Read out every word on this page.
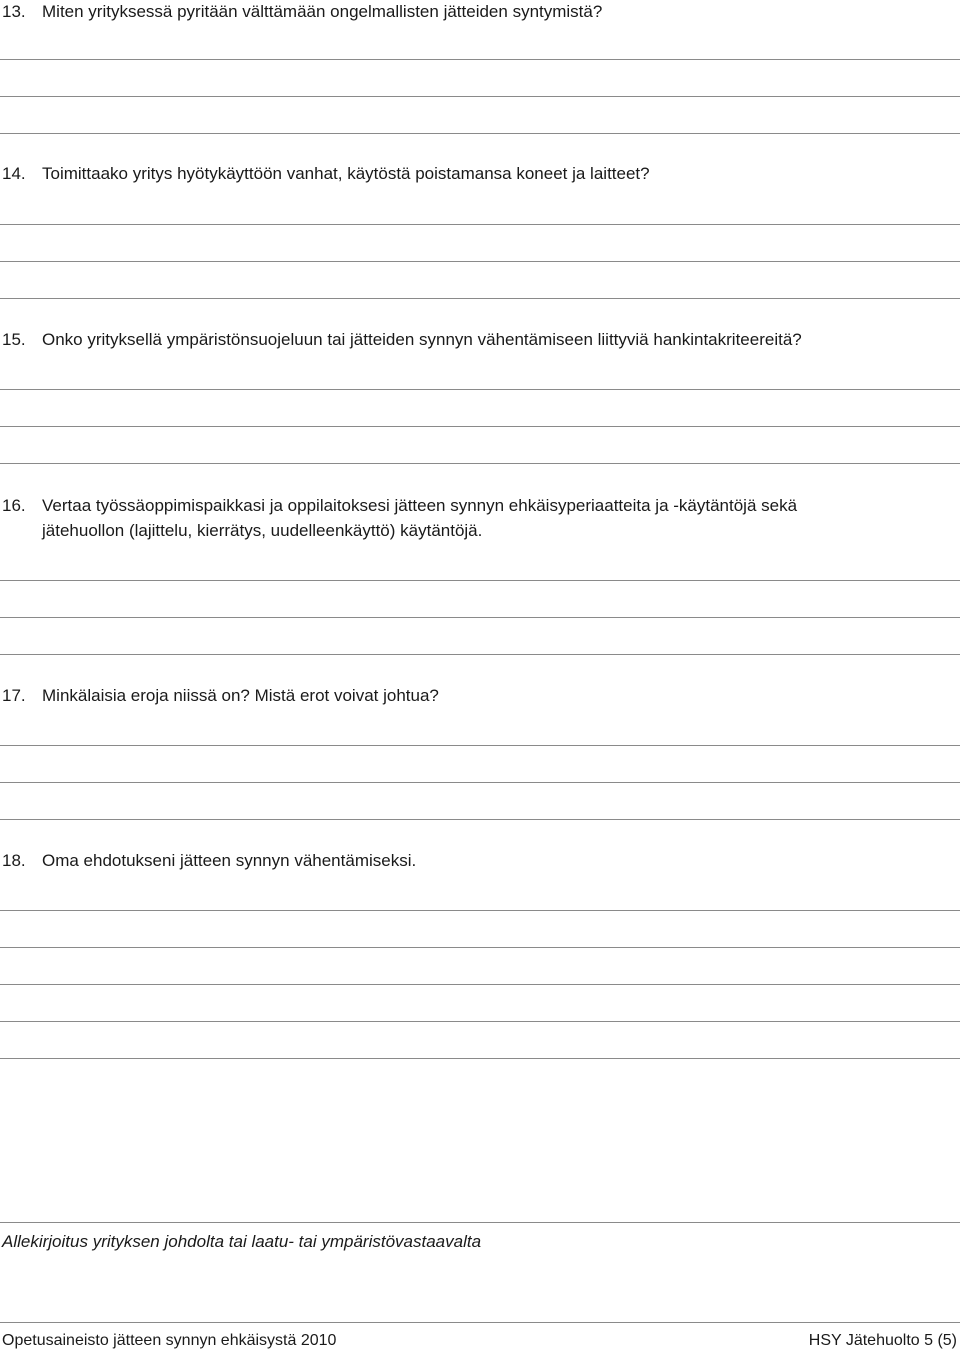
13. Miten yrityksessä pyritään välttämään ongelmallisten jätteiden syntymistä?
14. Toimittaako yritys hyötykäyttöön vanhat, käytöstä poistamansa koneet ja laitteet?
15. Onko yrityksellä ympäristönsuojeluun tai jätteiden synnyn vähentämiseen liittyviä hankintakriteereitä?
16. Vertaa työssäoppimispaikkasi ja oppilaitoksesi jätteen synnyn ehkäisyperiaatteita ja -käytäntöjä sekä
jätehuollon (lajittelu, kierrätys, uudelleenkäyttö) käytäntöjä.
17. Minkälaisia eroja niissä on? Mistä erot voivat johtua?
18. Oma ehdotukseni jätteen synnyn vähentämiseksi.
Allekirjoitus yrityksen johdolta tai laatu- tai ympäristövastaavalta
Opetusaineisto jätteen synnyn ehkäisystä 2010	HSY Jätehuolto 5 (5)
